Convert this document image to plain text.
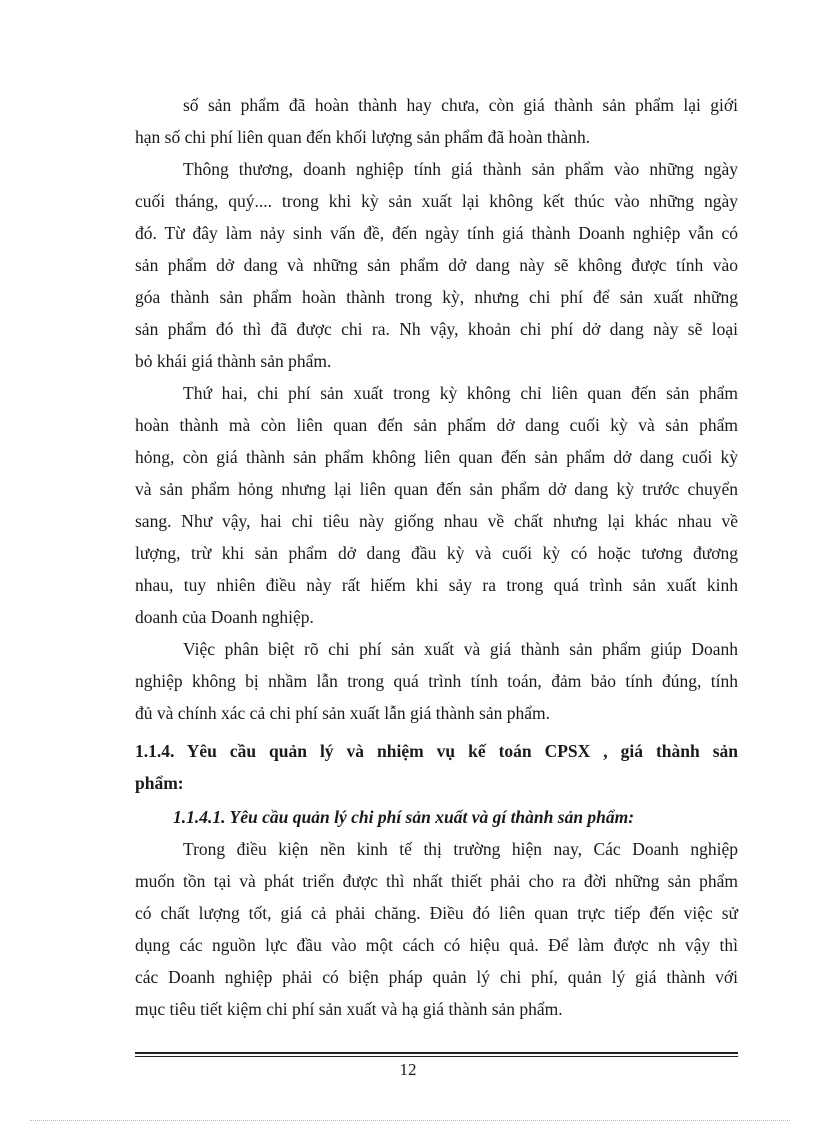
số sản phẩm đã hoàn thành hay chưa, còn giá thành sản phẩm lại giới
hạn số chi phí liên quan đến khối lượng sản phẩm đã hoàn thành.
Thông thương, doanh nghiệp tính giá thành sản phẩm vào những ngày
cuối tháng, quý.... trong khi kỳ sản xuất lại không kết thúc vào những ngày
đó. Từ đây làm nảy sinh vấn đề, đến ngày tính giá thành Doanh nghiệp vẫn có
sản phẩm dở dang và những sản phẩm dở dang này sẽ không được tính vào
góa thành sản phẩm hoàn thành trong kỳ, nhưng chi phí để sản xuất những
sản phẩm đó thì đã được chi ra. Nh vậy, khoản chi phí dở dang này sẽ loại
bỏ khái giá thành sản phẩm.
Thứ hai, chi phí sản xuất trong kỳ không chỉ liên quan đến sản phẩm
hoàn thành mà còn liên quan đến sản phẩm dở dang cuối kỳ và sản phẩm
hỏng, còn giá thành sản phẩm không liên quan đến sản phẩm dở dang cuối kỳ
và sản phẩm hỏng nhưng lại liên quan đến sản phẩm dở dang kỳ trước chuyển
sang. Như vậy, hai chỉ tiêu này giống nhau về chất nhưng lại khác nhau về
lượng, trừ khi sản phẩm dở dang đầu kỳ và cuối kỳ có hoặc tương đương
nhau, tuy nhiên điều này rất hiếm khi sảy ra trong quá trình sản xuất kinh
doanh của Doanh nghiệp.
Việc phân biệt rõ chi phí sản xuất và giá thành sản phẩm giúp Doanh
nghiệp không bị nhầm lẫn trong quá trình tính toán, đảm bảo tính đúng, tính
đủ và chính xác cả chi phí sản xuất lẫn giá thành sản phẩm.
1.1.4. Yêu cầu quản lý và nhiệm vụ kế toán CPSX , giá thành sản
phẩm:
1.1.4.1. Yêu cầu quản lý chi phí sản xuất và gí thành sản phẩm:
Trong điều kiện nền kinh tế thị trường hiện nay, Các Doanh nghiệp
muốn tồn tại và phát triển được thì nhất thiết phải cho ra đời những sản phẩm
có chất lượng tốt, giá cả phải chăng. Điều đó liên quan trực tiếp đến việc sử
dụng các nguồn lực đầu vào một cách có hiệu quả. Để làm được nh vậy thì
các Doanh nghiệp phải có biện pháp quản lý chi phí, quản lý giá thành với
mục tiêu tiết kiệm chi phí sản xuất và hạ giá thành sản phẩm.
12
